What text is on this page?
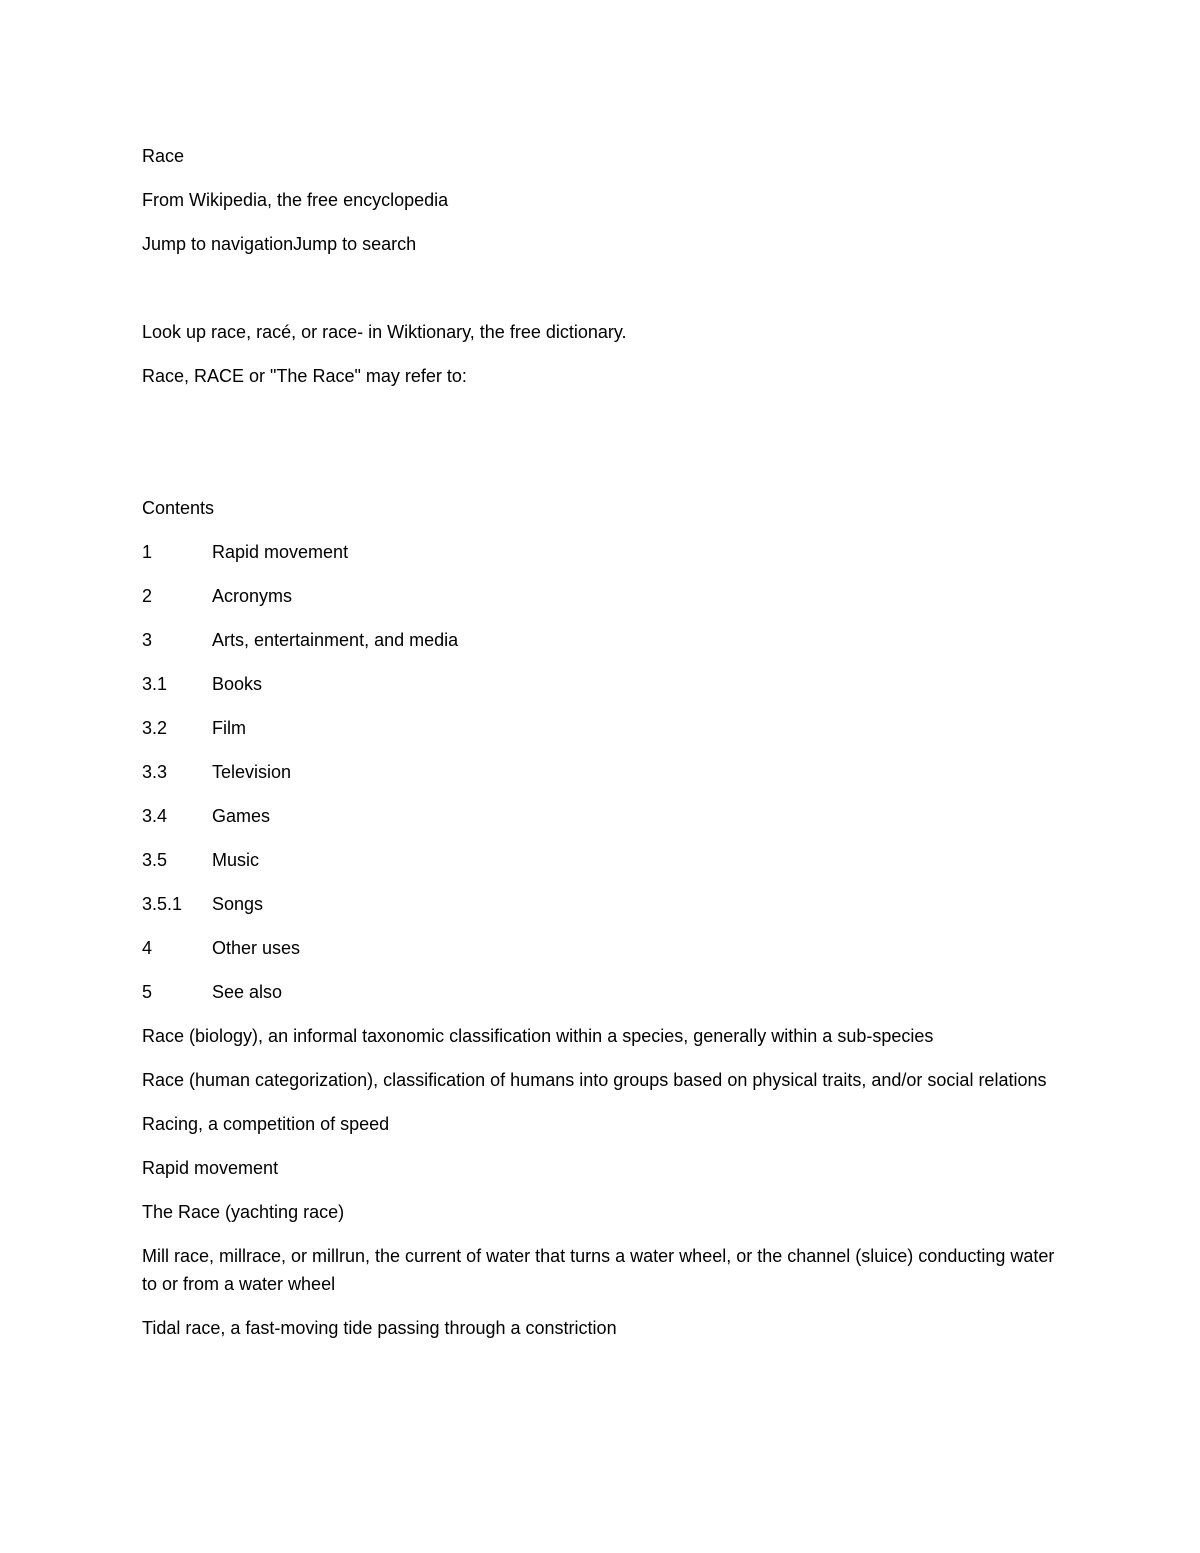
Race

From Wikipedia, the free encyclopedia

Jump to navigationJump to search

Look up race, racé, or race- in Wiktionary, the free dictionary.

Race, RACE or "The Race" may refer to:

Contents

1	Rapid movement
2	Acronyms
3	Arts, entertainment, and media
3.1	Books
3.2	Film
3.3	Television
3.4	Games
3.5	Music
3.5.1	Songs
4	Other uses
5	See also

Race (biology), an informal taxonomic classification within a species, generally within a sub-species

Race (human categorization), classification of humans into groups based on physical traits, and/or social relations

Racing, a competition of speed

Rapid movement

The Race (yachting race)

Mill race, millrace, or millrun, the current of water that turns a water wheel, or the channel (sluice) conducting water to or from a water wheel

Tidal race, a fast-moving tide passing through a constriction
